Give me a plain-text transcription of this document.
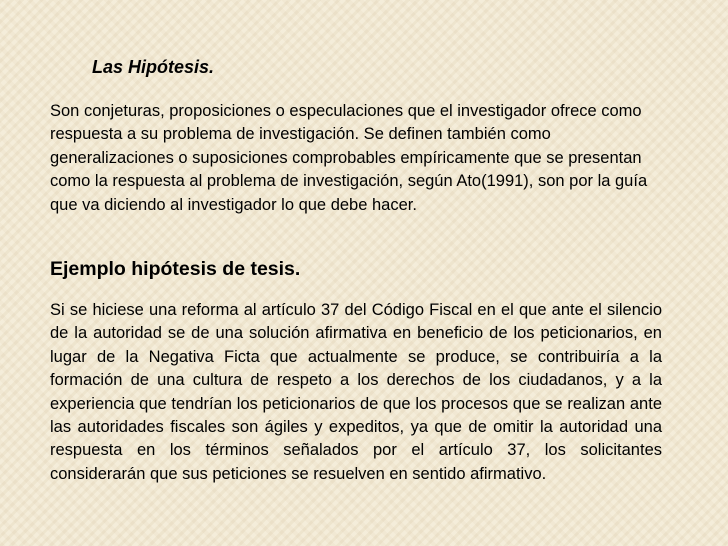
Las Hipótesis.

Son conjeturas, proposiciones o especulaciones que el investigador ofrece como respuesta a su problema de investigación. Se definen también como generalizaciones o suposiciones comprobables empíricamente que se presentan como la respuesta al problema de investigación, según Ato(1991), son por la guía que va diciendo al investigador lo que debe hacer.

Ejemplo hipótesis de tesis.

Si se hiciese una reforma al artículo 37 del Código Fiscal en el que ante el silencio de la autoridad se de una solución afirmativa en beneficio de los peticionarios, en lugar de la Negativa Ficta que actualmente se produce, se contribuiría a la formación de una cultura de respeto a los derechos de los ciudadanos, y a la experiencia que tendrían los peticionarios de que los procesos que se realizan ante las autoridades fiscales son ágiles y expeditos, ya que de omitir la autoridad una respuesta en los términos señalados por el artículo 37, los solicitantes considerarán que sus peticiones se resuelven en sentido afirmativo.
